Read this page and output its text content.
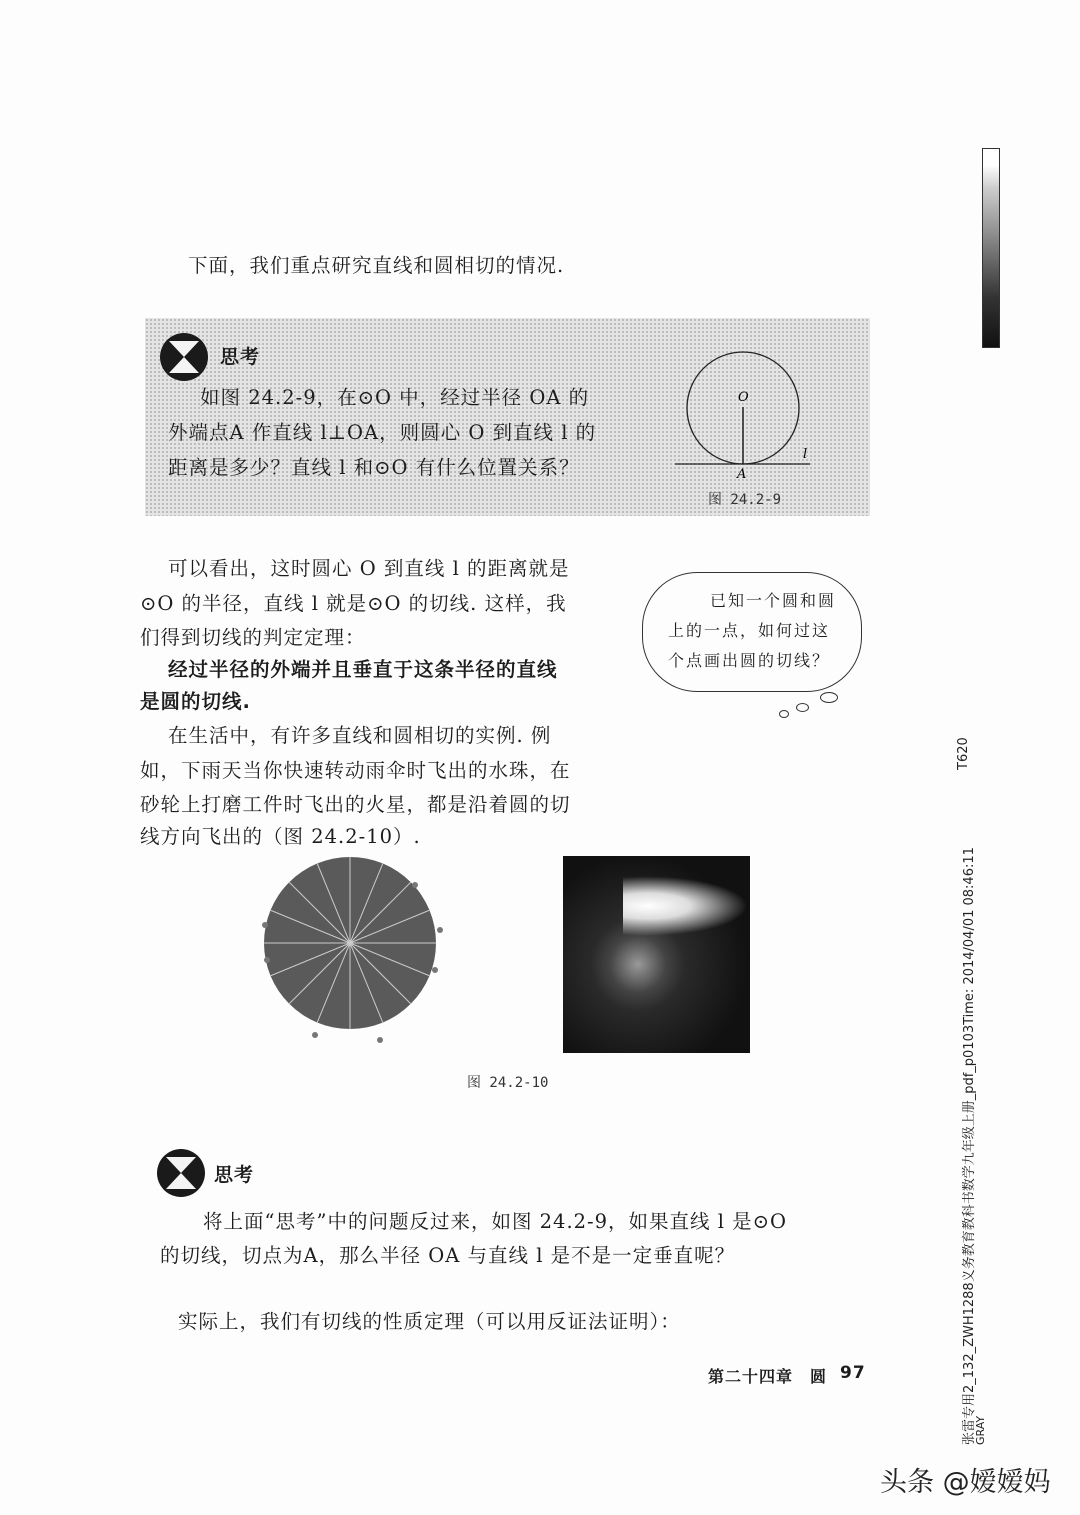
下面，我们重点研究直线和圆相切的情况.
思考
如图 24.2-9，在⊙O 中，经过半径 OA 的
外端点A 作直线 l⊥OA，则圆心 O 到直线 l 的
距离是多少？直线 l 和⊙O 有什么位置关系？
O
A
l
图 24.2-9
可以看出，这时圆心 O 到直线 l 的距离就是
⊙O 的半径，直线 l 就是⊙O 的切线. 这样，我
们得到切线的判定定理：
经过半径的外端并且垂直于这条半径的直线
是圆的切线.
在生活中，有许多直线和圆相切的实例. 例
如，下雨天当你快速转动雨伞时飞出的水珠，在
砂轮上打磨工件时飞出的火星，都是沿着圆的切
线方向飞出的（图 24.2-10）.
已知一个圆和圆
上的一点，如何过这
个点画出圆的切线？
图 24.2-10
思考
将上面“思考”中的问题反过来，如图 24.2-9，如果直线 l 是⊙O
的切线，切点为A，那么半径 OA 与直线 l 是不是一定垂直呢？
实际上，我们有切线的性质定理（可以用反证法证明）：
第二十四章　圆 97
T620
张雷专用2_132_ZWH1288义务教育教科书数学九年级上册_pdf_p0103Time: 2014/04/01 08:46:11
GRAY
头条 @嫒嫒妈
